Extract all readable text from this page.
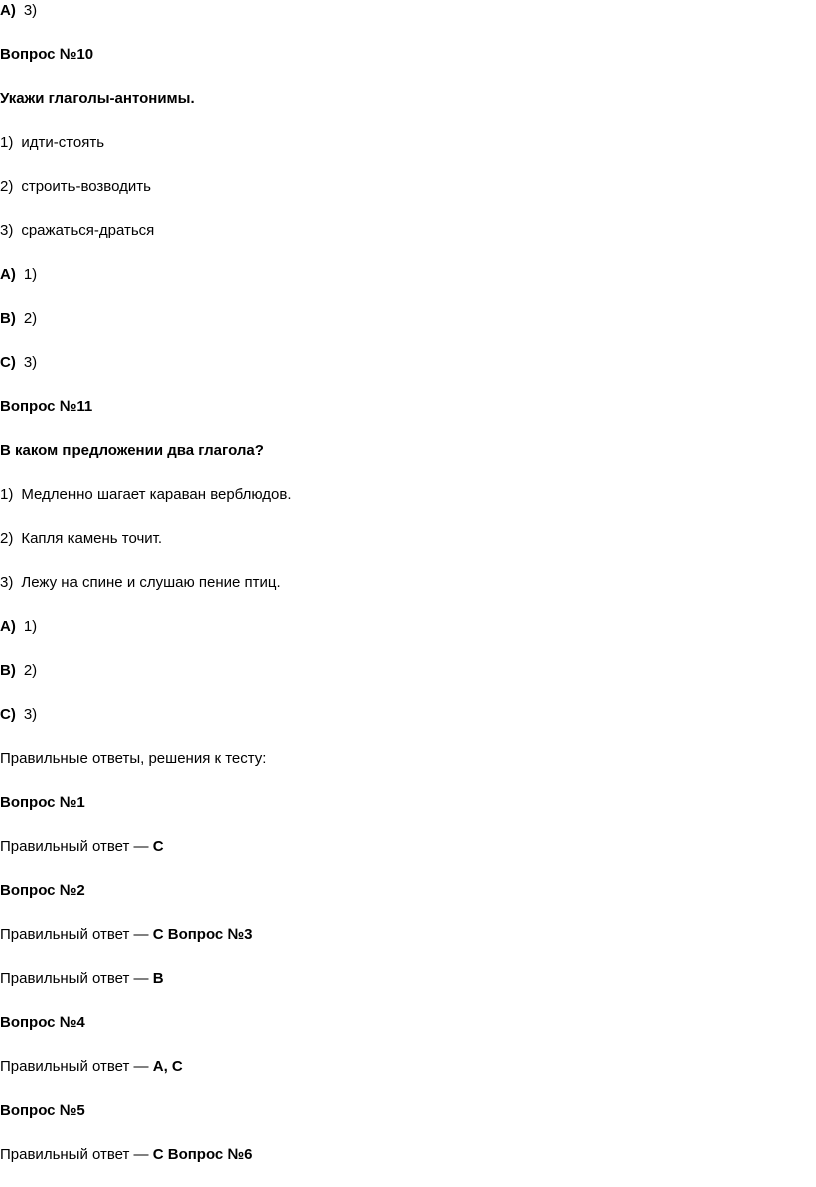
A) 3)
Вопрос №10
Укажи глаголы-антонимы.
1) идти-стоять
2) строить-возводить
3) сражаться-драться
A) 1)
B) 2)
C) 3)
Вопрос №11
В каком предложении два глагола?
1) Медленно шагает караван верблюдов.
2) Капля камень точит.
3) Лежу на спине и слушаю пение птиц.
A) 1)
B) 2)
C) 3)
Правильные ответы, решения к тесту:
Вопрос №1
Правильный ответ — C
Вопрос №2
Правильный ответ — C Вопрос №3
Правильный ответ — B
Вопрос №4
Правильный ответ — A, C
Вопрос №5
Правильный ответ — C Вопрос №6
